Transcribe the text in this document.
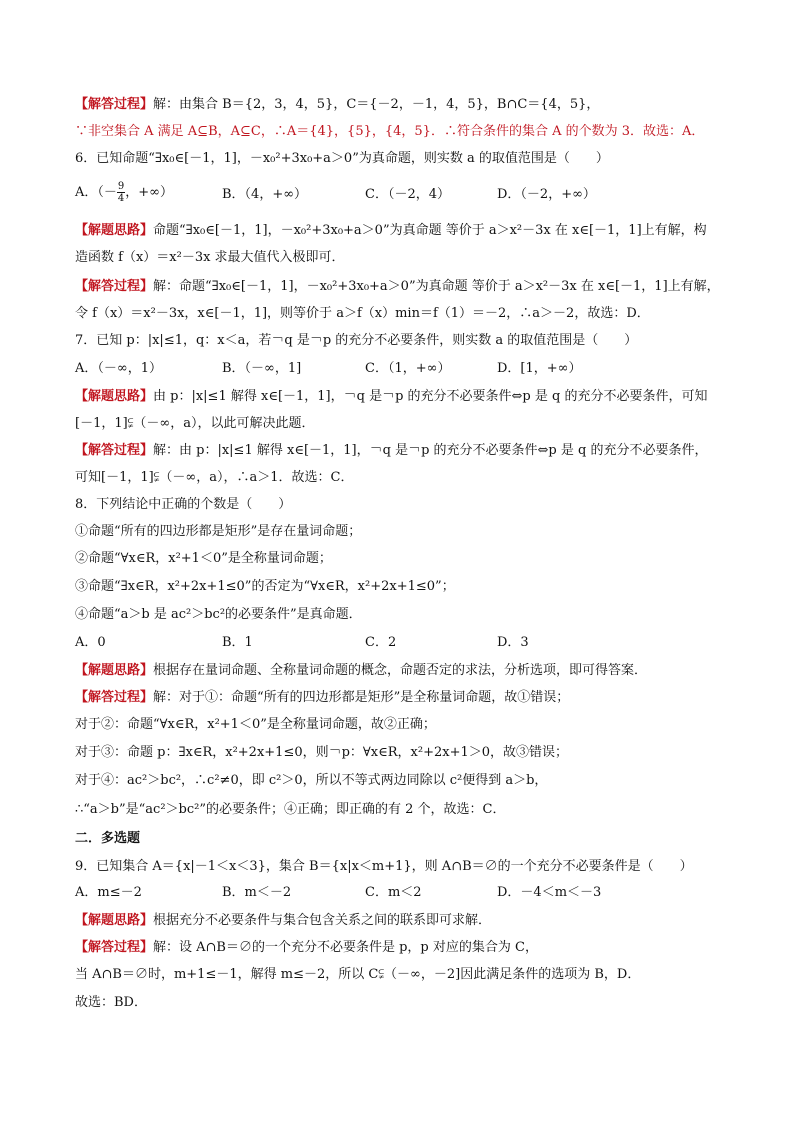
【解答过程】解：由集合 B＝{2，3，4，5}，C＝{－2，－1，4，5}，B∩C＝{4，5}，
∵非空集合 A 满足 A⊆B，A⊆C，∴A＝{4}，{5}，{4，5}．∴符合条件的集合 A 的个数为 3．故选：A．
6．已知命题“∃x₀∈[－1，1]，－x₀²+3x₀+a＞0”为真命题，则实数 a 的取值范围是（　　）
A．（－ $\frac{9}{4}$ ，+∞）	B．（4，+∞）	C．（－2，4）	D．（－2，+∞）
【解题思路】命题“∃x₀∈[－1，1]，－x₀²+3x₀+a＞0”为真命题 等价于 a＞x²－3x 在 x∈[－1，1]上有解，构
造函数 f（x）＝x²－3x 求最大值代入极即可．
【解答过程】解：命题“∃x₀∈[－1，1]，－x₀²+3x₀+a＞0”为真命题 等价于 a＞x²－3x 在 x∈[－1，1]上有解，
令 f（x）＝x²－3x，x∈[－1，1]，则等价于 a＞f（x）min＝f（1）＝－2，∴a＞－2，故选：D．
7．已知 p：|x|≤1，q：x＜a，若￢q 是￢p 的充分不必要条件，则实数 a 的取值范围是（　　）
A．（－∞，1）	B．（－∞，1]	C．（1，+∞）	D．[1，+∞）
【解题思路】由 p：|x|≤1 解得 x∈[－1，1]，￢q 是￢p 的充分不必要条件⇔p 是 q 的充分不必要条件，可知
[－1，1]⫋（－∞，a），以此可解决此题．
【解答过程】解：由 p：|x|≤1 解得 x∈[－1，1]，￢q 是￢p 的充分不必要条件⇔p 是 q 的充分不必要条件，
可知[－1，1]⫋（－∞，a），∴a＞1．故选：C．
8．下列结论中正确的个数是（　　）
①命题“所有的四边形都是矩形”是存在量词命题；
②命题“∀x∈R，x²+1＜0”是全称量词命题；
③命题“∃x∈R，x²+2x+1≤0”的否定为“∀x∈R，x²+2x+1≤0”；
④命题“a＞b 是 ac²＞bc²的必要条件”是真命题．
A．0	B．1	C．2	D．3
【解题思路】根据存在量词命题、全称量词命题的概念，命题否定的求法，分析选项，即可得答案．
【解答过程】解：对于①：命题“所有的四边形都是矩形”是全称量词命题，故①错误；
对于②：命题“∀x∈R，x²+1＜0”是全称量词命题，故②正确；
对于③：命题 p：∃x∈R，x²+2x+1≤0，则￢p：∀x∈R，x²+2x+1＞0，故③错误；
对于④：ac²＞bc²，∴c²≠0，即 c²＞0，所以不等式两边同除以 c²便得到 a＞b，
∴“a＞b”是“ac²＞bc²”的必要条件；④正确；即正确的有 2 个，故选：C．
二．多选题
9．已知集合 A＝{x|－1＜x＜3}，集合 B＝{x|x＜m+1}，则 A∩B＝∅的一个充分不必要条件是（　　）
A．m≤－2	B．m＜－2	C．m＜2	D．－4＜m＜－3
【解题思路】根据充分不必要条件与集合包含关系之间的联系即可求解．
【解答过程】解：设 A∩B＝∅的一个充分不必要条件是 p，p 对应的集合为 C，
当 A∩B＝∅时，m+1≤－1，解得 m≤－2，所以 C⫋（－∞，－2]因此满足条件的选项为 B，D．
故选：BD．
